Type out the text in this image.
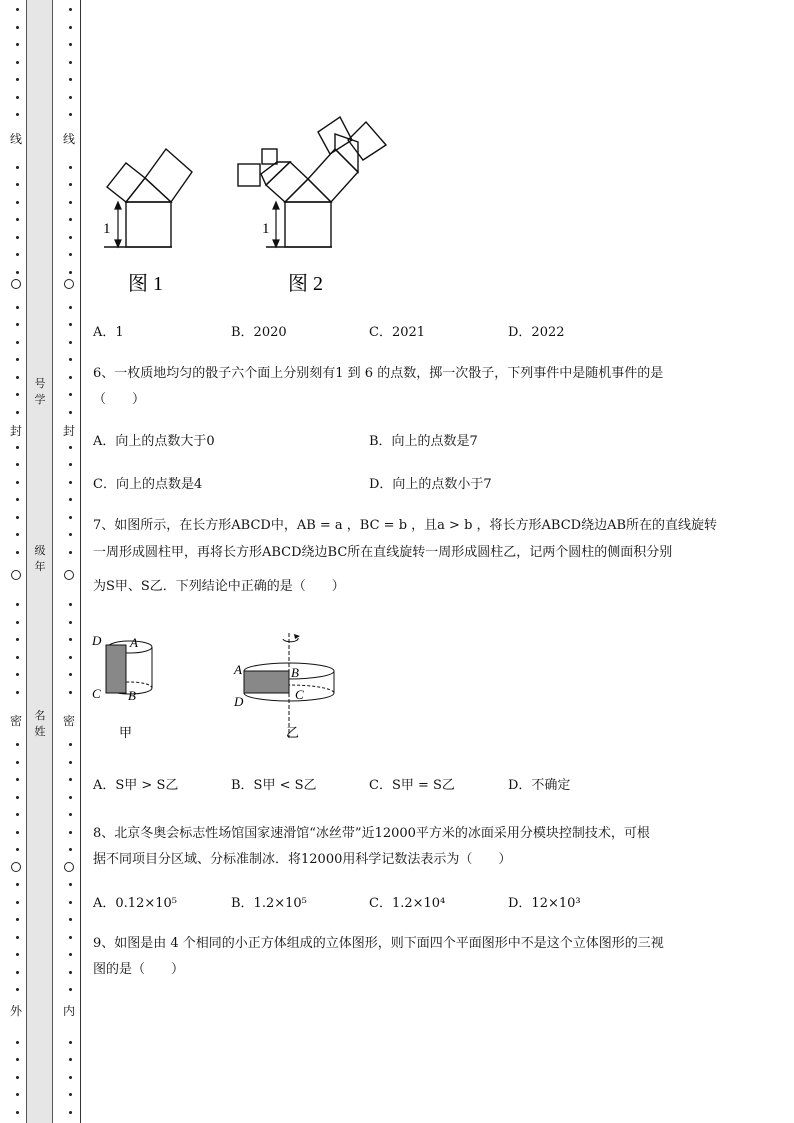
线
封
密
外
线
封
密
内
号
学
级
年
名
姓
1	1
图 1	图 2
A．1	B．2020	C．2021	D．2022
6、一枚质地均匀的骰子六个面上分别刻有1 到 6 的点数，掷一次骰子，下列事件中是随机事件的是
（　　）
A．向上的点数大于0	B．向上的点数是7
C．向上的点数是4	D．向上的点数小于7
7、如图所示，在长方形ABCD中，AB = a ，BC = b ，且a > b ，将长方形ABCD绕边AB所在的直线旋转
一周形成圆柱甲，再将长方形ABCD绕边BC所在直线旋转一周形成圆柱乙，记两个圆柱的侧面积分别
为S甲、S乙．下列结论中正确的是（　　）
D A
C B
A	B
D	C
甲	乙
A．S甲 > S乙	B．S甲 < S乙	C．S甲 = S乙	D．不确定
8、北京冬奥会标志性场馆国家速滑馆“冰丝带”近12000平方米的冰面采用分模块控制技术，可根
据不同项目分区域、分标准制冰．将12000用科学记数法表示为（　　）
A．0.12×10⁵	B．1.2×10⁵	C．1.2×10⁴	D．12×10³
9、如图是由 4 个相同的小正方体组成的立体图形，则下面四个平面图形中不是这个立体图形的三视
图的是（　　）
